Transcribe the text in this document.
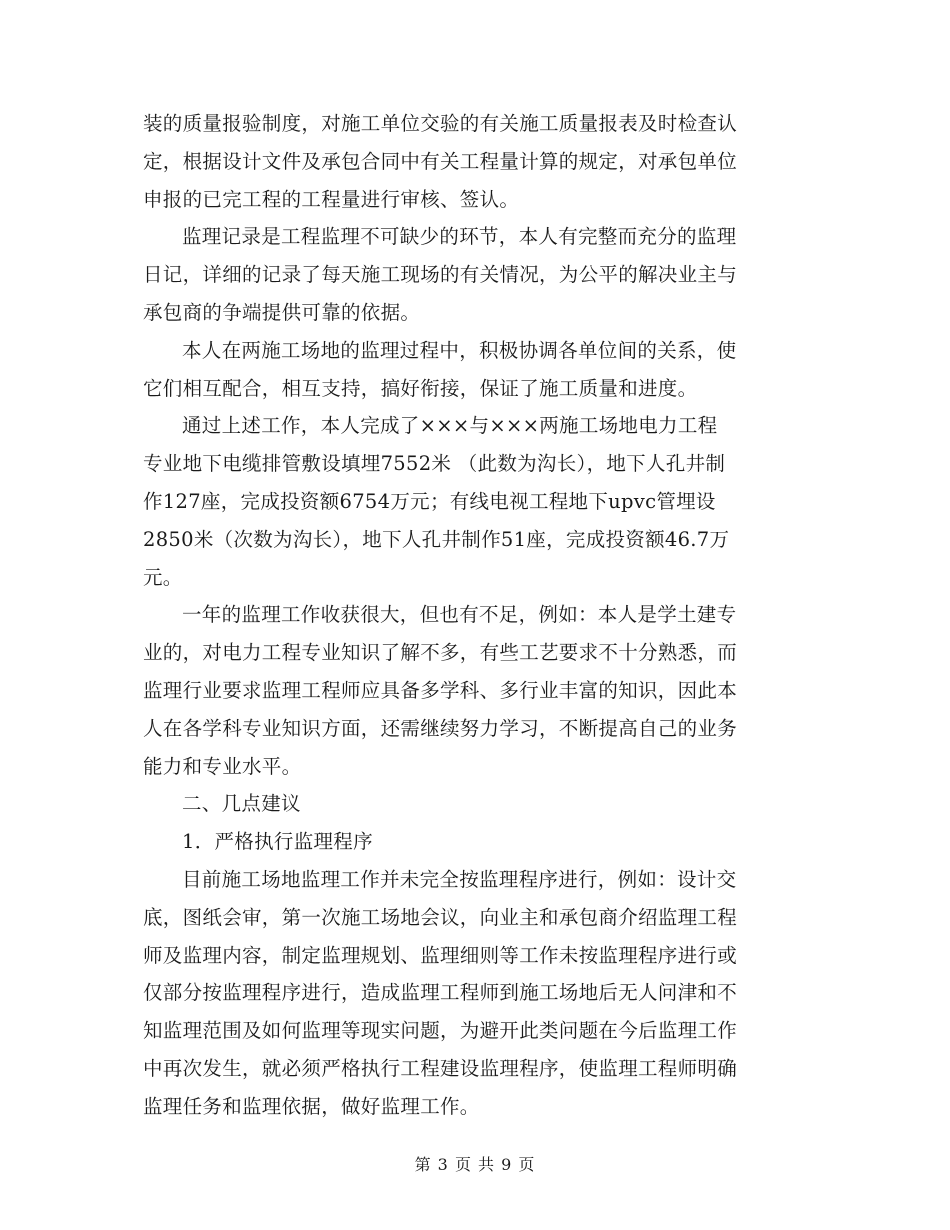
装的质量报验制度，对施工单位交验的有关施工质量报表及时检查认
定，根据设计文件及承包合同中有关工程量计算的规定，对承包单位
申报的已完工程的工程量进行审核、签认。

监理记录是工程监理不可缺少的环节，本人有完整而充分的监理
日记，详细的记录了每天施工现场的有关情况，为公平的解决业主与
承包商的争端提供可靠的依据。

本人在两施工场地的监理过程中，积极协调各单位间的关系，使
它们相互配合，相互支持，搞好衔接，保证了施工质量和进度。

通过上述工作，本人完成了×××与×××两施工场地电力工程
专业地下电缆排管敷设填埋7552米 （此数为沟长），地下人孔井制
作127座，完成投资额6754万元；有线电视工程地下upvc管埋设
2850米（次数为沟长），地下人孔井制作51座，完成投资额46.7万
元。

一年的监理工作收获很大，但也有不足，例如：本人是学土建专
业的，对电力工程专业知识了解不多，有些工艺要求不十分熟悉，而
监理行业要求监理工程师应具备多学科、多行业丰富的知识，因此本
人在各学科专业知识方面，还需继续努力学习，不断提高自己的业务
能力和专业水平。

二、几点建议

1．严格执行监理程序

目前施工场地监理工作并未完全按监理程序进行，例如：设计交
底，图纸会审，第一次施工场地会议，向业主和承包商介绍监理工程
师及监理内容，制定监理规划、监理细则等工作未按监理程序进行或
仅部分按监理程序进行，造成监理工程师到施工场地后无人问津和不
知监理范围及如何监理等现实问题，为避开此类问题在今后监理工作
中再次发生，就必须严格执行工程建设监理程序，使监理工程师明确
监理任务和监理依据，做好监理工作。

第 3 页 共 9 页
